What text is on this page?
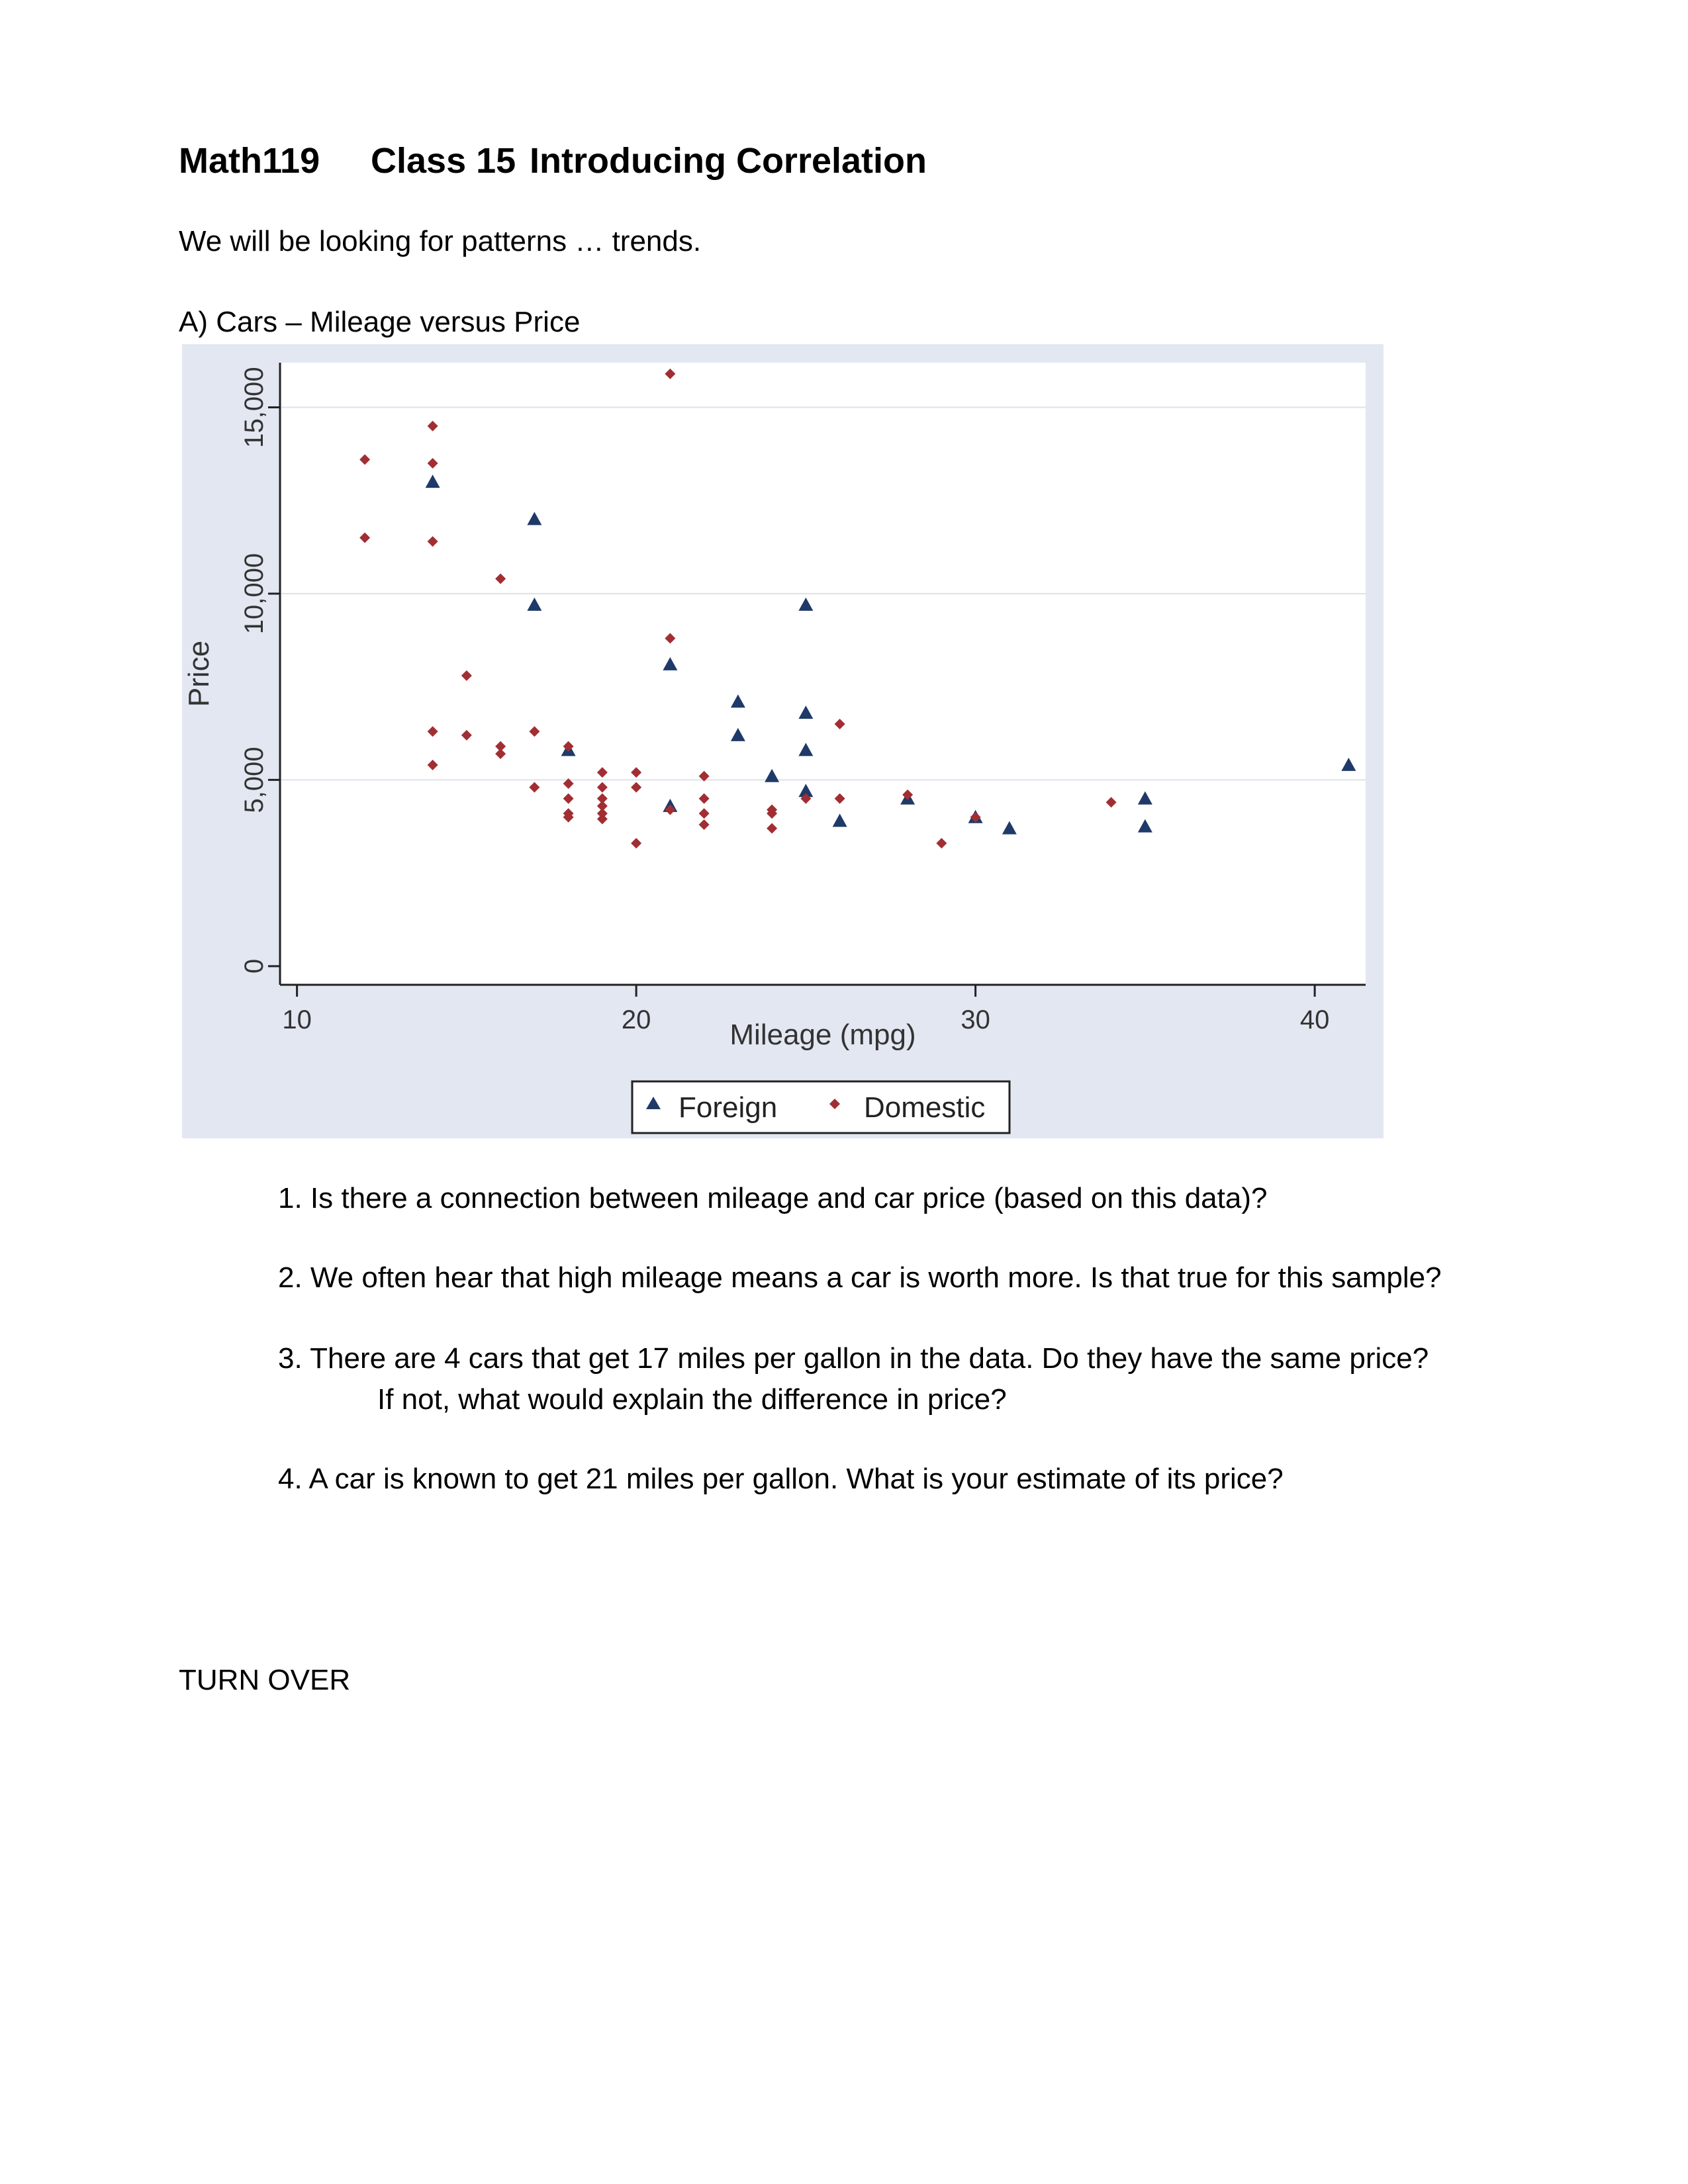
Math119 Class 15 Introducing Correlation
We will be looking for patterns … trends.
A) Cars – Mileage versus Price
0
5,000
10,000
15,000
10	20	30	40
Mileage (mpg)
Price
Foreign	Domestic
1. Is there a connection between mileage and car price (based on this data)?
2. We often hear that high mileage means a car is worth more. Is that true for this sample?
3. There are 4 cars that get 17 miles per gallon in the data. Do they have the same price?
If not, what would explain the difference in price?
4. A car is known to get 21 miles per gallon. What is your estimate of its price?
TURN OVER
